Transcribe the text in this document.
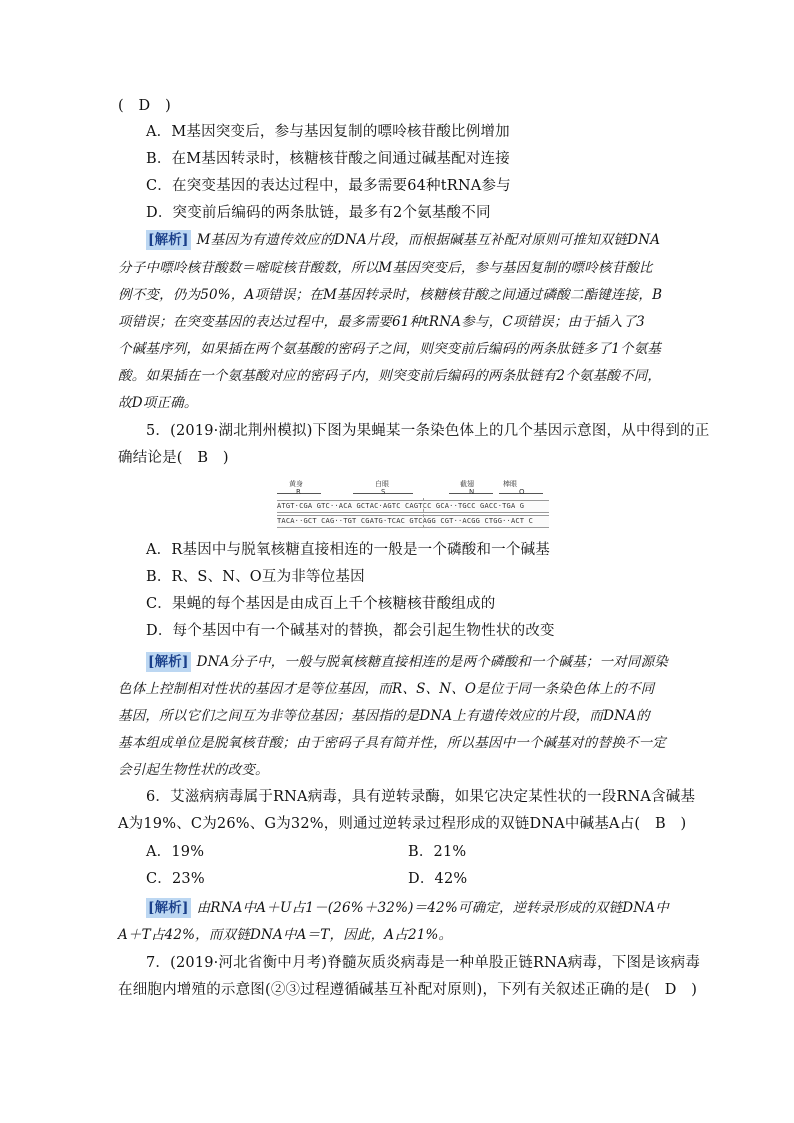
(　D　)
A．M基因突变后，参与基因复制的嘌呤核苷酸比例增加
B．在M基因转录时，核糖核苷酸之间通过碱基配对连接
C．在突变基因的表达过程中，最多需要64种tRNA参与
D．突变前后编码的两条肽链，最多有2个氨基酸不同
[解析] M基因为有遗传效应的DNA片段，而根据碱基互补配对原则可推知双链DNA
分子中嘌呤核苷酸数＝嘧啶核苷酸数，所以M基因突变后，参与基因复制的嘌呤核苷酸比
例不变，仍为50%，A项错误；在M基因转录时，核糖核苷酸之间通过磷酸二酯键连接，B
项错误；在突变基因的表达过程中，最多需要61种tRNA参与，C项错误；由于插入了3
个碱基序列，如果插在两个氨基酸的密码子之间，则突变前后编码的两条肽链多了1个氨基
酸。如果插在一个氨基酸对应的密码子内，则突变前后编码的两条肽链有2个氨基酸不同，
故D项正确。
5．(2019·湖北荆州模拟)下图为果蝇某一条染色体上的几个基因示意图，从中得到的正
确结论是(　B　)
黄身	白眼	截翅	棒眼
R	S	N	O
ATGT·CGA GTC··ACA GCTAC·AGTC CAGTCC GCA··TGCC GACC·TGA G
TACA··GCT CAG··TGT CGATG·TCAC GTCAGG CGT··ACGG CTGG··ACT C
A．R基因中与脱氧核糖直接相连的一般是一个磷酸和一个碱基
B．R、S、N、O互为非等位基因
C．果蝇的每个基因是由成百上千个核糖核苷酸组成的
D．每个基因中有一个碱基对的替换，都会引起生物性状的改变
[解析] DNA分子中，一般与脱氧核糖直接相连的是两个磷酸和一个碱基；一对同源染
色体上控制相对性状的基因才是等位基因，而R、S、N、O是位于同一条染色体上的不同
基因，所以它们之间互为非等位基因；基因指的是DNA上有遗传效应的片段，而DNA的
基本组成单位是脱氧核苷酸；由于密码子具有简并性，所以基因中一个碱基对的替换不一定
会引起生物性状的改变。
6．艾滋病病毒属于RNA病毒，具有逆转录酶，如果它决定某性状的一段RNA含碱基
A为19%、C为26%、G为32%，则通过逆转录过程形成的双链DNA中碱基A占(　B　)
A．19%	B．21%
C．23%	D．42%
[解析] 由RNA中A＋U占1－(26%＋32%)＝42%可确定，逆转录形成的双链DNA中
A＋T占42%，而双链DNA中A＝T，因此，A占21%。
7．(2019·河北省衡中月考)脊髓灰质炎病毒是一种单股正链RNA病毒，下图是该病毒
在细胞内增殖的示意图(②③过程遵循碱基互补配对原则)，下列有关叙述正确的是(　D　)
